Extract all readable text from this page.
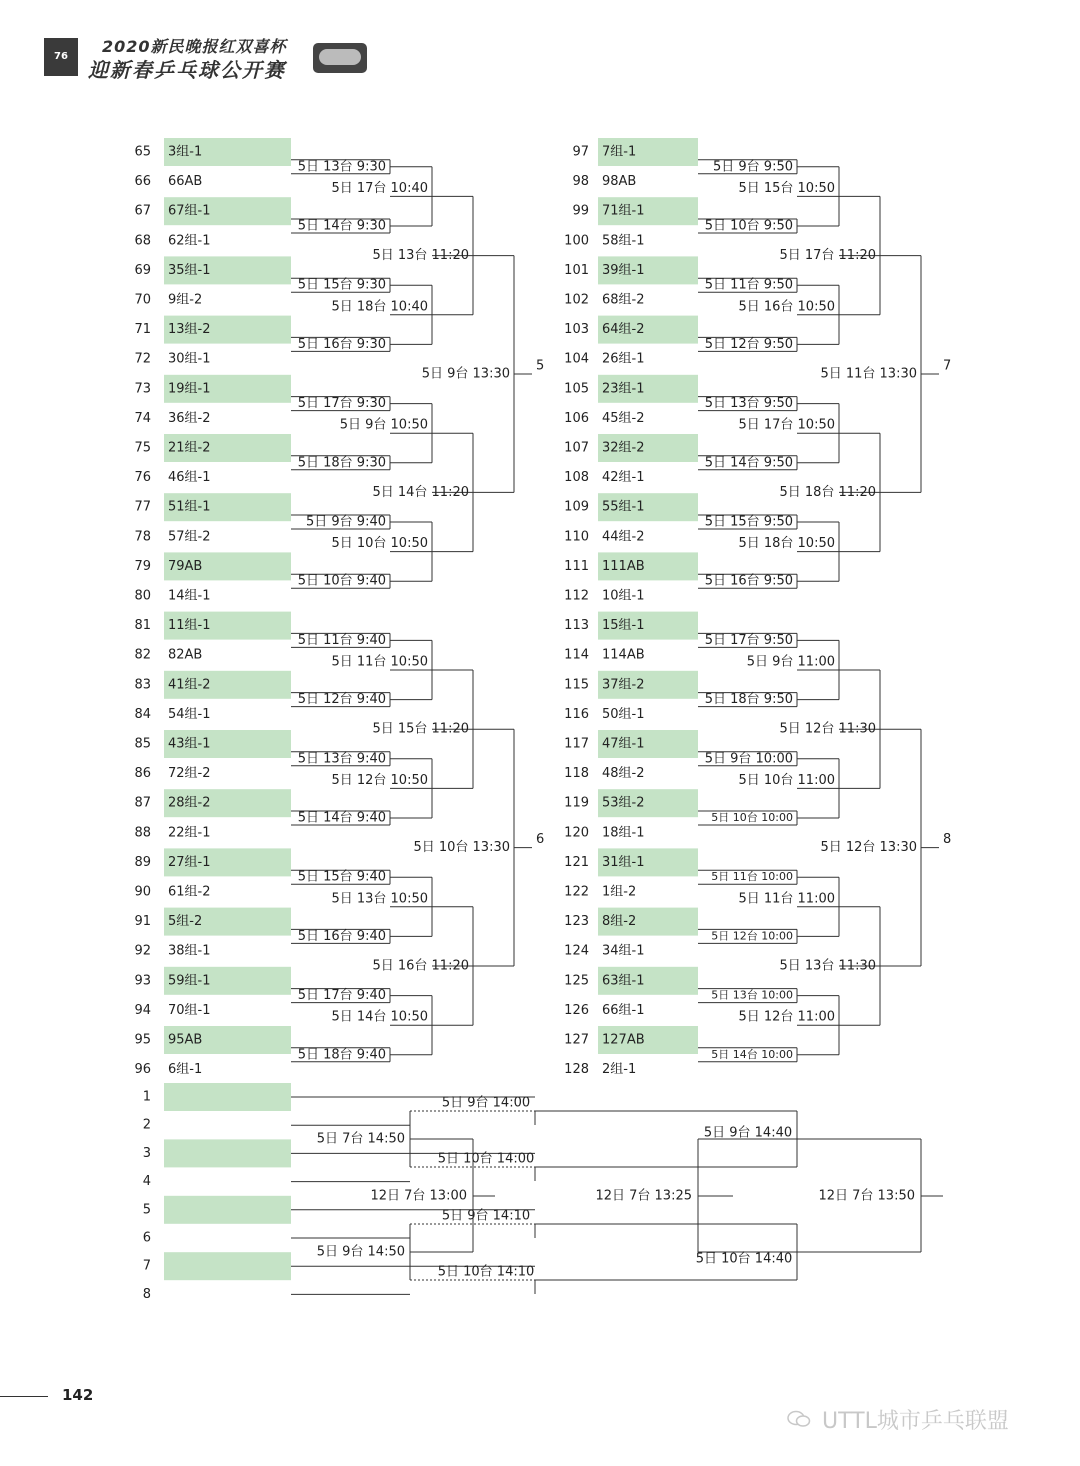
76
2020新民晚报红双喜杯
迎新春乒乓球公开赛
65 3组-1
66 66AB
67 67组-1
68 62组-1
69 35组-1
70 9组-2
71 13组-2
72 30组-1
73 19组-1
74 36组-2
75 21组-2
76 46组-1
77 51组-1
78 57组-2
79 79AB
80 14组-1
81 11组-1
82 82AB
83 41组-2
84 54组-1
85 43组-1
86 72组-2
87 28组-2
88 22组-1
89 27组-1
90 61组-2
91 5组-2
92 38组-1
93 59组-1
94 70组-1
95 95AB
96 6组-1
5日 13台 9:30
5日 14台 9:30
5日 15台 9:30
5日 16台 9:30
5日 17台 9:30
5日 18台 9:30
5日 9台 9:40
5日 10台 9:40
5日 11台 9:40
5日 12台 9:40
5日 13台 9:40
5日 14台 9:40
5日 15台 9:40
5日 16台 9:40
5日 17台 9:40
5日 18台 9:40
5日 17台 10:40
5日 18台 10:40
5日 9台 10:50
5日 10台 10:50
5日 11台 10:50
5日 12台 10:50
5日 13台 10:50
5日 14台 10:50
5日 13台 11:20
5日 14台 11:20
5日 15台 11:20
5日 16台 11:20
5日 9台 13:30
5
5日 10台 13:30
6
97 7组-1
98 98AB
99 71组-1
100 58组-1
101 39组-1
102 68组-2
103 64组-2
104 26组-1
105 23组-1
106 45组-2
107 32组-2
108 42组-1
109 55组-1
110 44组-2
111 111AB
112 10组-1
113 15组-1
114 114AB
115 37组-2
116 50组-1
117 47组-1
118 48组-2
119 53组-2
120 18组-1
121 31组-1
122 1组-2
123 8组-2
124 34组-1
125 63组-1
126 66组-1
127 127AB
128 2组-1
5日 9台 9:50
5日 10台 9:50
5日 11台 9:50
5日 12台 9:50
5日 13台 9:50
5日 14台 9:50
5日 15台 9:50
5日 16台 9:50
5日 17台 9:50
5日 18台 9:50
5日 9台 10:00
5日 10台 10:00
5日 11台 10:00
5日 12台 10:00
5日 13台 10:00
5日 14台 10:00
5日 15台 10:50
5日 16台 10:50
5日 17台 10:50
5日 18台 10:50
5日 9台 11:00
5日 10台 11:00
5日 11台 11:00
5日 12台 11:00
5日 17台 11:20
5日 18台 11:20
5日 12台 11:30
5日 13台 11:30
5日 11台 13:30
7
5日 12台 13:30
8
1
2
3
4
5
6
7
8
5日 9台 14:00
5日 10台 14:00
5日 9台 14:10
5日 10台 14:10
5日 7台 14:50
5日 9台 14:50
12日 7台 13:00
5日 9台 14:40
5日 10台 14:40
12日 7台 13:25	12日 7台 13:50
142
UTTL城市乒乓联盟
